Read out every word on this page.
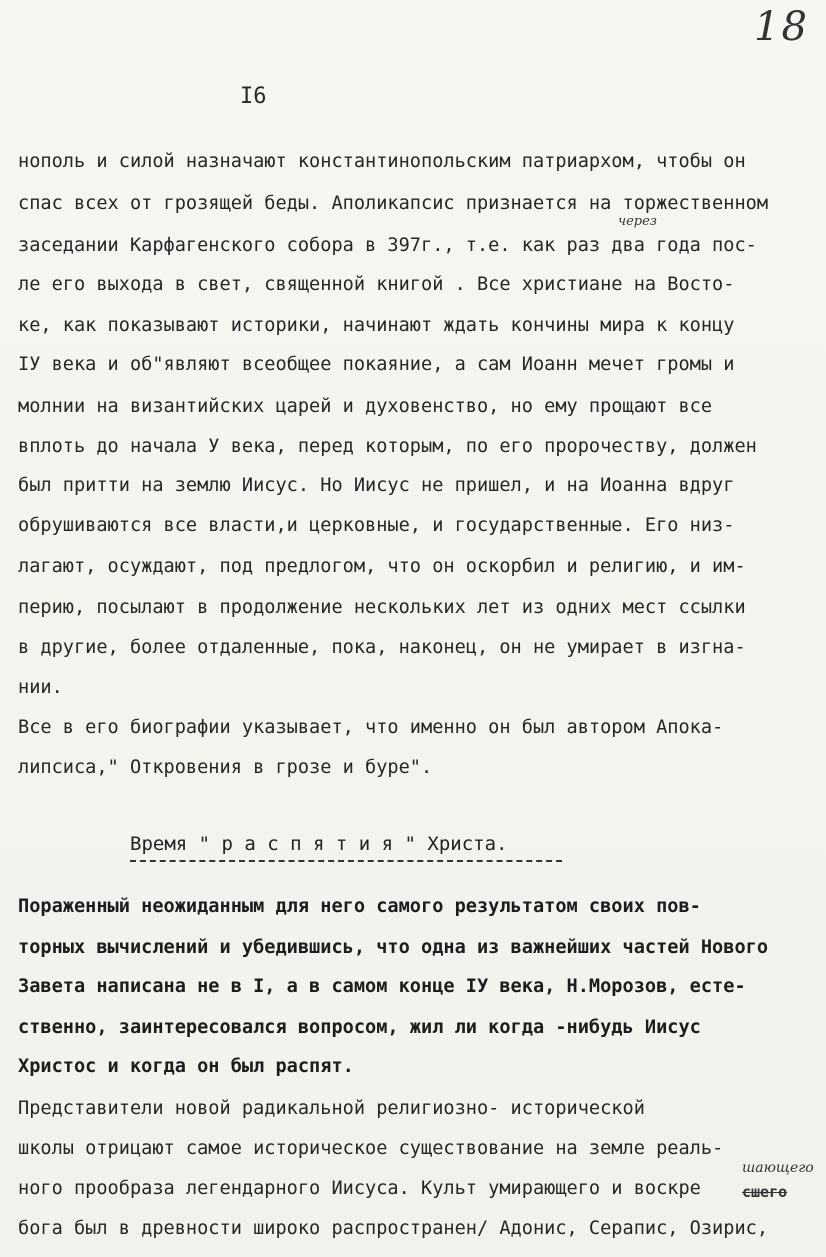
18
I6
нополь и силой назначают константинопольским патриархом, чтобы он
спас всех от грозящей беды. Аполикапсис признается на торжественном
заседании Карфагенского собора в 397г., т.е. как раз два года пос-
ле его выхода в свет, священной книгой . Все христиане на Восто-
ке, как показывают историки, начинают ждать кончины мира к концу
IУ века и об"являют всеобщее покаяние, а сам Иоанн мечет громы и
молнии на византийских царей и духовенство, но ему прощают все
вплоть до начала У века, перед которым, по его пророчеству, должен
был притти на землю Иисус. Но Иисус не пришел, и на Иоанна вдруг
обрушиваются все власти,и церковные, и государственные. Его низ-
лагают, осуждают, под предлогом, что он оскорбил и религию, и им-
перию, посылают в продолжение нескольких лет из одних мест ссылки
в другие, более отдаленные, пока, наконец, он не умирает в изгна-
нии.
Все в его биографии указывает, что именно он был автором Апока-
липсиса," Откровения в грозе и буре".
Время " р а с п я т и я " Христа.
Пораженный неожиданным для него самого результатом своих пов-
торных вычислений и убедившись, что одна из важнейших частей Нового
Завета написана не в I, а в самом конце IУ века, Н.Морозов, есте-
ственно, заинтересовался вопросом, жил ли когда -нибудь Иисус
Христос и когда он был распят.
Представители новой радикальной религиозно- исторической
школы отрицают самое историческое существование на земле реаль-
ного прообраза легендарного Иисуса. Культ умирающего и воскре
бога был в древности широко распространен/ Адонис, Серапис, Озирис,
через
шающего
сшего
